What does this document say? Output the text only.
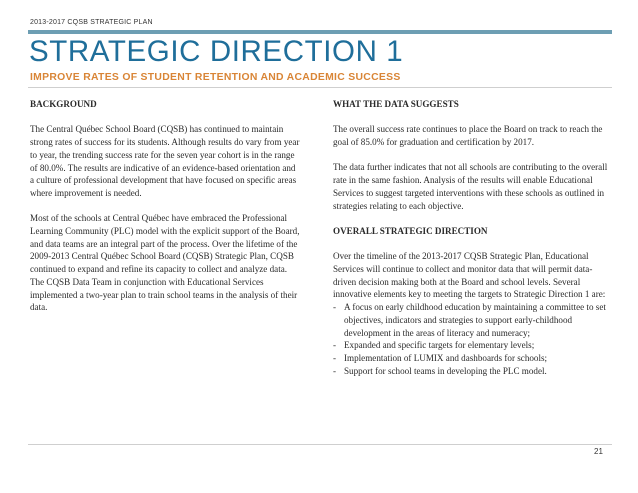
2013-2017 CQSB STRATEGIC PLAN
STRATEGIC DIRECTION 1
IMPROVE RATES OF STUDENT RETENTION AND ACADEMIC SUCCESS

BACKGROUND

The Central Québec School Board (CQSB) has continued to maintain strong rates of success for its students. Although results do vary from year to year, the trending success rate for the seven year cohort is in the range of 80.0%. The results are indicative of an evidence-based orientation and a culture of professional development that have focused on specific areas where improvement is needed.

Most of the schools at Central Québec have embraced the Professional Learning Community (PLC) model with the explicit support of the Board, and data teams are an integral part of the process. Over the lifetime of the 2009-2013 Central Québec School Board (CQSB) Strategic Plan, CQSB continued to expand and refine its capacity to collect and analyze data. The CQSB Data Team in conjunction with Educational Services implemented a two-year plan to train school teams in the analysis of their data.

WHAT THE DATA SUGGESTS

The overall success rate continues to place the Board on track to reach the goal of 85.0% for graduation and certification by 2017.

The data further indicates that not all schools are contributing to the overall rate in the same fashion. Analysis of the results will enable Educational Services to suggest targeted interventions with these schools as outlined in strategies relating to each objective.

OVERALL STRATEGIC DIRECTION

Over the timeline of the 2013-2017 CQSB Strategic Plan, Educational Services will continue to collect and monitor data that will permit data-driven decision making both at the Board and school levels. Several innovative elements key to meeting the targets to Strategic Direction 1 are:

- A focus on early childhood education by maintaining a committee to set objectives, indicators and strategies to support early-childhood development in the areas of literacy and numeracy;
- Expanded and specific targets for elementary levels;
- Implementation of LUMIX and dashboards for schools;
- Support for school teams in developing the PLC model.
21
